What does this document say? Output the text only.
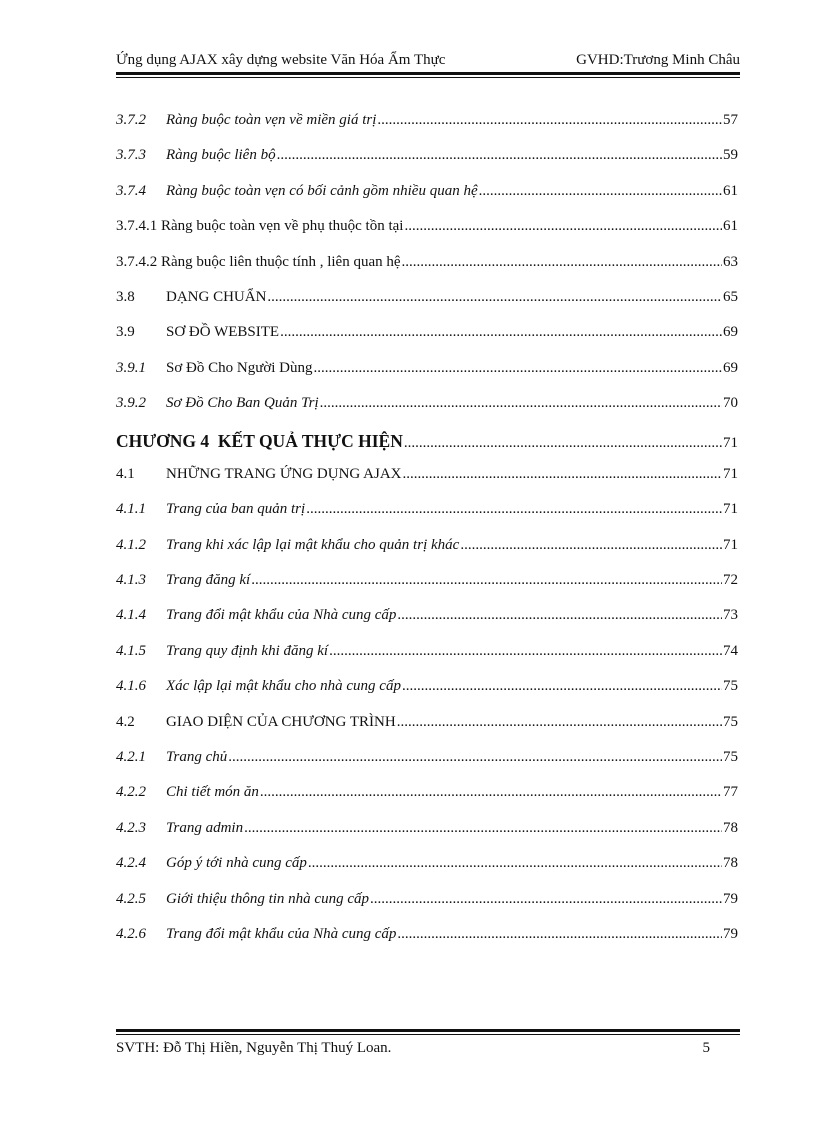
Ứng dụng AJAX xây dựng website Văn Hóa Ẩm Thực	GVHD:Trương Minh Châu
3.7.2	Ràng buộc toàn vẹn về miền giá trị .....	57
3.7.3	Ràng buộc liên bộ .....	59
3.7.4	Ràng buộc toàn vẹn có bối cảnh gồm nhiều quan hệ .....	61
3.7.4.1 Ràng buộc toàn vẹn về phụ thuộc tồn tại .....	61
3.7.4.2 Ràng buộc liên thuộc tính , liên quan hệ .....	63
3.8	DẠNG CHUẨN .....	65
3.9	SƠ ĐỒ WEBSITE .....	69
3.9.1	Sơ Đồ Cho Người Dùng .....	69
3.9.2	Sơ Đồ Cho Ban Quản Trị .....	70
CHƯƠNG 4 KẾT QUẢ THỰC HIỆN .....	71
4.1	NHỮNG TRANG ỨNG DỤNG AJAX .....	71
4.1.1	Trang của ban quản trị .....	71
4.1.2	Trang khi xác lập lại mật khẩu cho quản trị khác .....	71
4.1.3	Trang đăng kí .....	72
4.1.4	Trang đổi mật khẩu của Nhà cung cấp .....	73
4.1.5	Trang quy định khi đăng kí .....	74
4.1.6	Xác lập lại mật khẩu cho nhà cung cấp .....	75
4.2	GIAO DIỆN CỦA CHƯƠNG TRÌNH .....	75
4.2.1	Trang chủ .....	75
4.2.2	Chi tiết món ăn .....	77
4.2.3	Trang admin .....	78
4.2.4	Góp ý tới nhà cung cấp .....	78
4.2.5	Giới thiệu thông tin nhà cung cấp .....	79
4.2.6	Trang đổi mật khẩu của Nhà cung cấp .....	79
SVTH: Đỗ Thị Hiền, Nguyễn Thị Thuý Loan.	5
